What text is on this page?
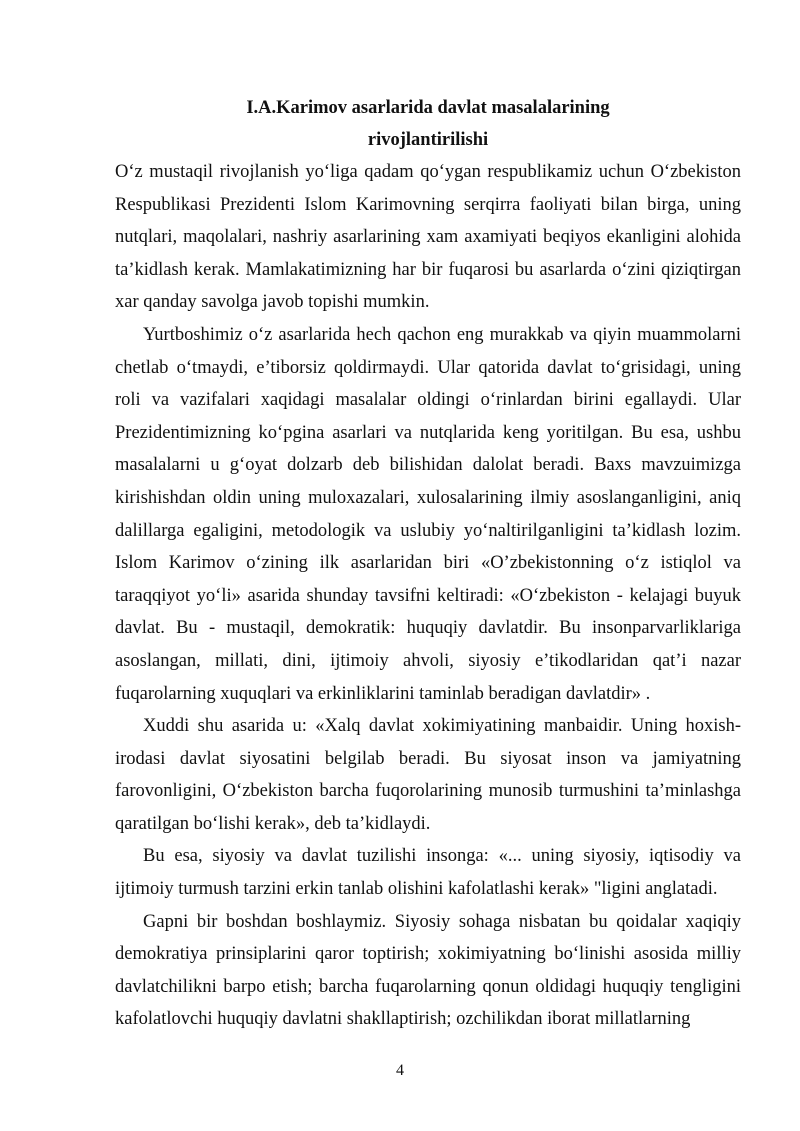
I.A.Karimov asarlarida davlat masalalarining
rivojlantirilishi

O‘z mustaqil rivojlanish yo‘liga qadam qo‘ygan respublikamiz uchun O‘zbekiston Respublikasi Prezidenti Islom Karimovning serqirra faoliyati bilan birga, uning nutqlari, maqolalari, nashriy asarlarining xam axamiyati beqiyos ekanligini alohida ta’kidlash kerak. Mamlakatimizning har bir fuqarosi bu asarlarda o‘zini qiziqtirgan xar qanday savolga javob topishi mumkin.

Yurtboshimiz o‘z asarlarida hech qachon eng murakkab va qiyin muammolarni chetlab o‘tmaydi, e’tiborsiz qoldirmaydi. Ular qatorida davlat to‘grisidagi, uning roli va vazifalari xaqidagi masalalar oldingi o‘rinlardan birini egallaydi. Ular Prezidentimizning ko‘pgina asarlari va nutqlarida keng yoritilgan. Bu esa, ushbu masalalarni u g‘oyat dolzarb deb bilishidan dalolat beradi. Baxs mavzuimizga kirishishdan oldin uning muloxazalari, xulosalarining ilmiy asoslanganligini, aniq dalillarga egaligini, metodologik va uslubiy yo‘naltirilganligini ta’kidlash lozim. Islom Karimov o‘zining ilk asarlaridan biri «O’zbekistonning o‘z istiqlol va taraqqiyot yo‘li» asarida shunday tavsifni keltiradi: «O‘zbekiston - kelajagi buyuk davlat. Bu - mustaqil, demokratik: huquqiy davlatdir. Bu insonparvarliklariga asoslangan, millati, dini, ijtimoiy ahvoli, siyosiy e’tikodlaridan qat’i nazar fuqarolarning xuquqlari va erkinliklarini taminlab beradigan davlatdir» .

Xuddi shu asarida u: «Xalq davlat xokimiyatining manbaidir. Uning hoxish-irodasi davlat siyosatini belgilab beradi. Bu siyosat inson va jamiyatning farovonligini, O‘zbekiston barcha fuqorolarining munosib turmushini ta’minlashga qaratilgan bo‘lishi kerak», deb ta’kidlaydi.

Bu esa, siyosiy va davlat tuzilishi insonga: «... uning siyosiy, iqtisodiy va ijtimoiy turmush tarzini erkin tanlab olishini kafolatlashi kerak» "ligini anglatadi.

Gapni bir boshdan boshlaymiz. Siyosiy sohaga nisbatan bu qoidalar xaqiqiy demokratiya prinsiplarini qaror toptirish; xokimiyatning bo‘linishi asosida milliy davlatchilikni barpo etish; barcha fuqarolarning qonun oldidagi huquqiy tengligini kafolatlovchi huquqiy davlatni shakllaptirish; ozchilikdan iborat millatlarning

4
